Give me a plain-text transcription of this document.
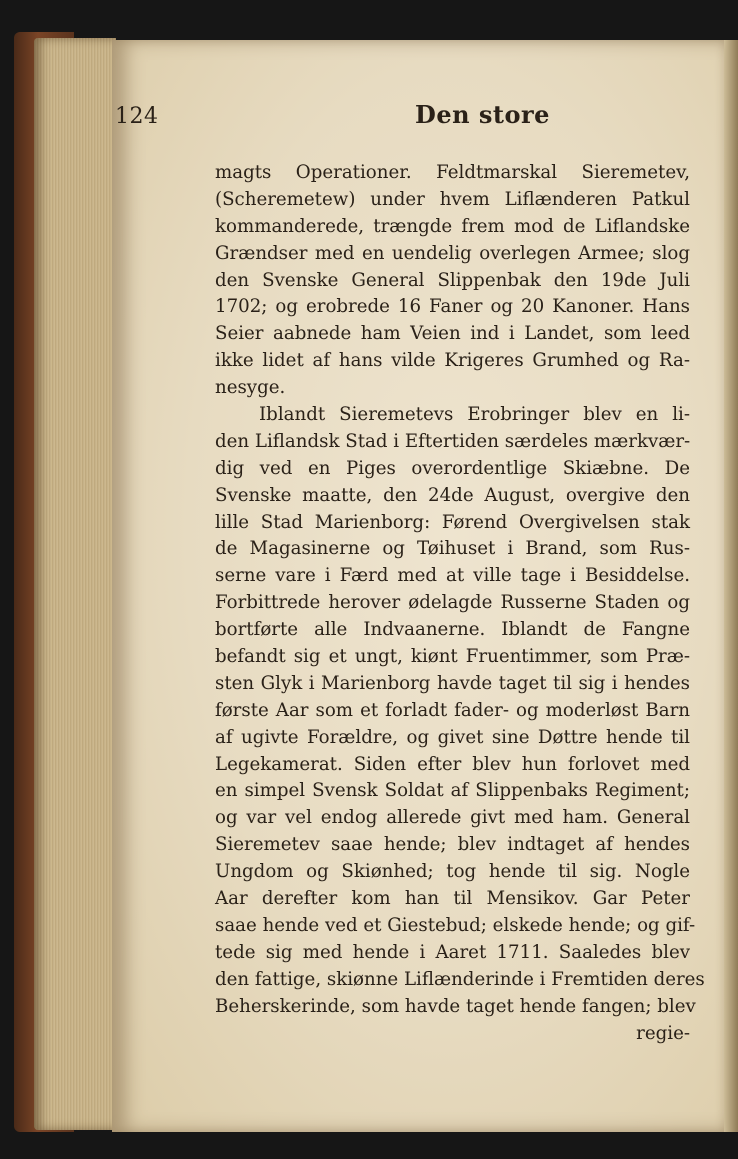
124	Den store
magts Operationer. Feldtmarskal Sieremetev,
(Scheremetew) under hvem Liflænderen Patkul
kommanderede, trængde frem mod de Liflandske
Grændser med en uendelig overlegen Armee; slog
den Svenske General Slippenbak den 19de Juli
1702; og erobrede 16 Faner og 20 Kanoner. Hans
Seier aabnede ham Veien ind i Landet, som leed
ikke lidet af hans vilde Krigeres Grumhed og Ra-
nesyge.
Iblandt Sieremetevs Erobringer blev en li-
den Liflandsk Stad i Eftertiden særdeles mærkvær-
dig ved en Piges overordentlige Skiæbne. De
Svenske maatte, den 24de August, overgive den
lille Stad Marienborg: Førend Overgivelsen stak
de Magasinerne og Tøihuset i Brand, som Rus-
serne vare i Færd med at ville tage i Besiddelse.
Forbittrede herover ødelagde Russerne Staden og
bortførte alle Indvaanerne. Iblandt de Fangne
befandt sig et ungt, kiønt Fruentimmer, som Præ-
sten Glyk i Marienborg havde taget til sig i hendes
første Aar som et forladt fader- og moderløst Barn
af ugivte Forældre, og givet sine Døttre hende til
Legekamerat. Siden efter blev hun forlovet med
en simpel Svensk Soldat af Slippenbaks Regiment;
og var vel endog allerede givt med ham. General
Sieremetev saae hende; blev indtaget af hendes
Ungdom og Skiønhed; tog hende til sig. Nogle
Aar derefter kom han til Mensikov. Gar Peter
saae hende ved et Giestebud; elskede hende; og gif-
tede sig med hende i Aaret 1711. Saaledes blev
den fattige, skiønne Liflænderinde i Fremtiden deres
Beherskerinde, som havde taget hende fangen; blev
regie-
